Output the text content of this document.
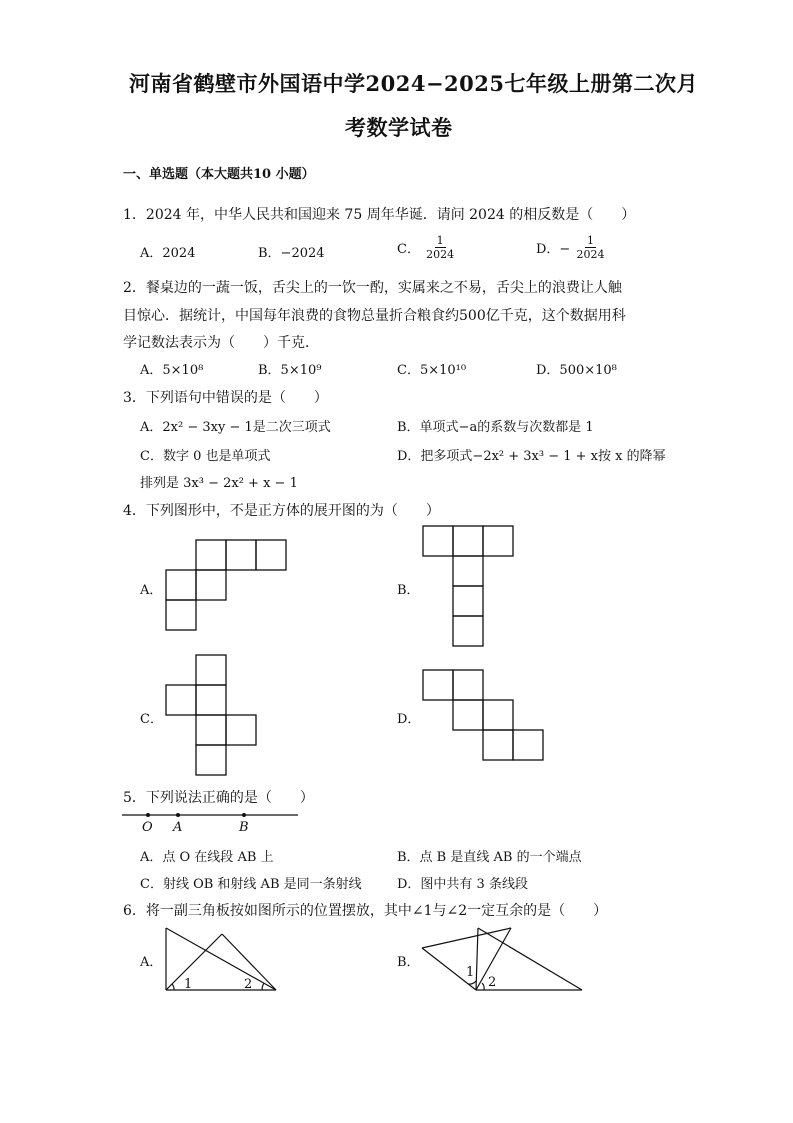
河南省鹤壁市外国语中学2024−2025七年级上册第二次月
考数学试卷
一、单选题（本大题共10 小题）
1．2024 年，中华人民共和国迎来 75 周年华诞．请问 2024 的相反数是（　　）
A．2024	B．−2024	C． $\frac{1}{2024}$	D．− $\frac{1}{2024}$
2．餐桌边的一蔬一饭，舌尖上的一饮一酌，实属来之不易，舌尖上的浪费让人触
目惊心．据统计，中国每年浪费的食物总量折合粮食约500亿千克，这个数据用科
学记数法表示为（　　）千克．
A．5×10⁸	B．5×10⁹	C．5×10¹⁰	D．500×10⁸
3．下列语句中错误的是（　　）
A．2x² − 3xy − 1是二次三项式	B．单项式−a的系数与次数都是 1
C．数字 0 也是单项式	D．把多项式−2x² + 3x³ − 1 + x按 x 的降幂
排列是 3x³ − 2x² + x − 1
4．下列图形中，不是正方体的展开图的为（　　）
A．	B．
C．	D．
O A	B
1	2
1
2
5．下列说法正确的是（　　）
A．点 O 在线段 AB 上	B．点 B 是直线 AB 的一个端点
C．射线 OB 和射线 AB 是同一条射线	D．图中共有 3 条线段
6．将一副三角板按如图所示的位置摆放，其中∠1与∠2一定互余的是（　　）
A．	B．
